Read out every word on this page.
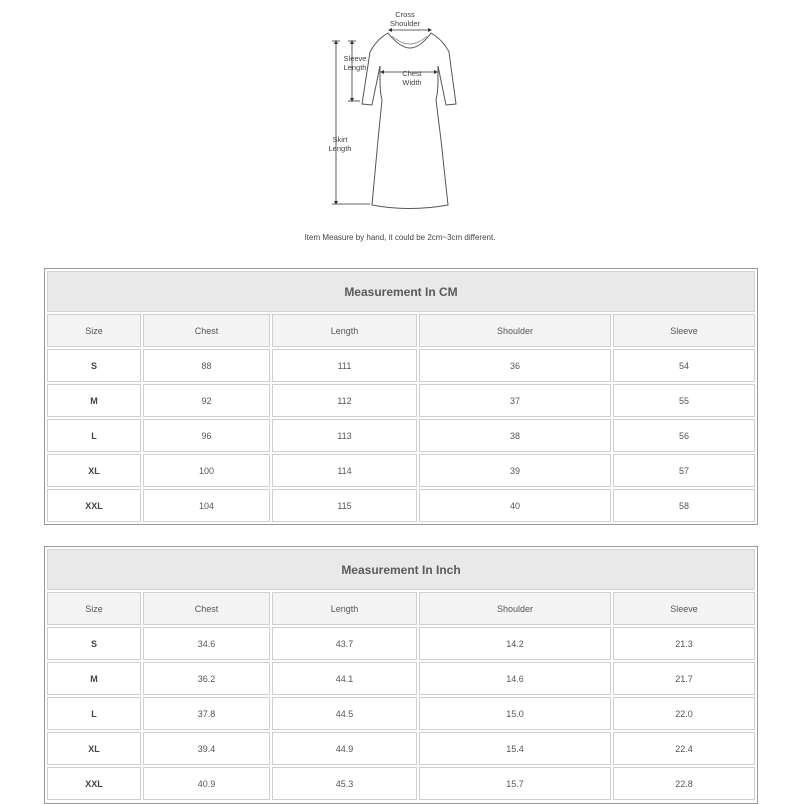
Cross
Shoulder
Sleeve
Length
Chest
Width
Skirt
Length
Item Measure by hand, it could be 2cm~3cm different.
Measurement In CM
Size	Chest	Length	Shoulder	Sleeve
S	88	111	36	54
M	92	112	37	55
L	96	113	38	56
XL	100	114	39	57
XXL	104	115	40	58
Measurement In Inch
Size	Chest	Length	Shoulder	Sleeve
S	34.6	43.7	14.2	21.3
M	36.2	44.1	14.6	21.7
L	37.8	44.5	15.0	22.0
XL	39.4	44.9	15.4	22.4
XXL	40.9	45.3	15.7	22.8
